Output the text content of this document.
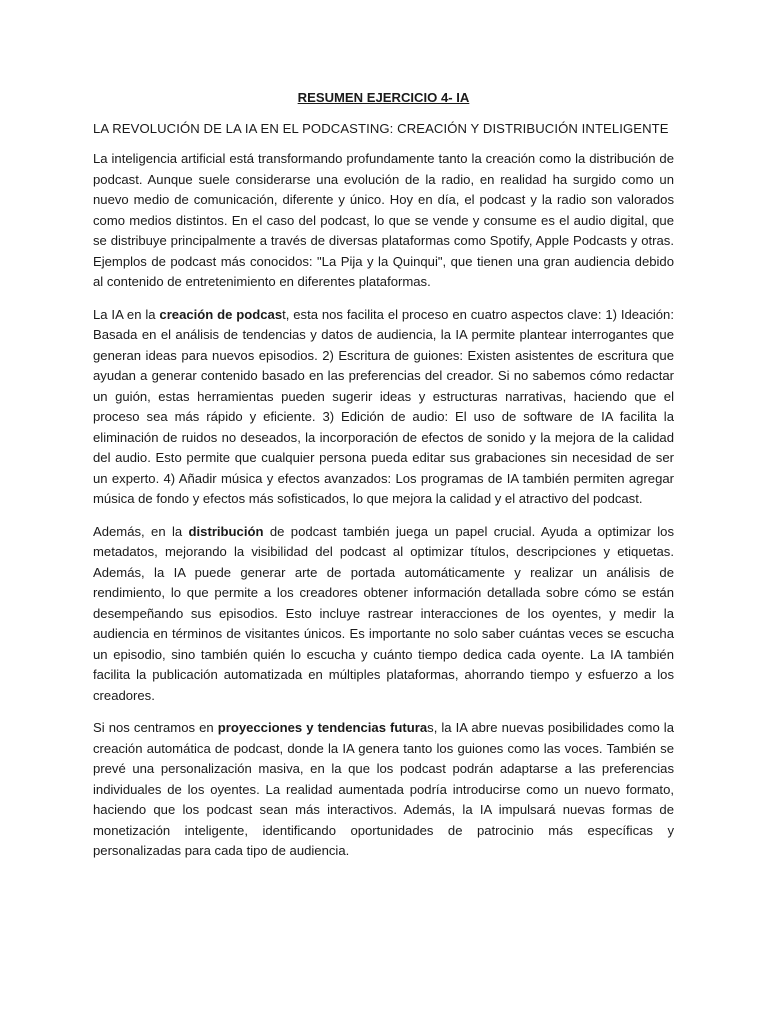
RESUMEN EJERCICIO 4- IA

LA REVOLUCIÓN DE LA IA EN EL PODCASTING: CREACIÓN Y DISTRIBUCIÓN INTELIGENTE

La inteligencia artificial está transformando profundamente tanto la creación como la distribución de podcast. Aunque suele considerarse una evolución de la radio, en realidad ha surgido como un nuevo medio de comunicación, diferente y único. Hoy en día, el podcast y la radio son valorados como medios distintos. En el caso del podcast, lo que se vende y consume es el audio digital, que se distribuye principalmente a través de diversas plataformas como Spotify, Apple Podcasts y otras. Ejemplos de podcast más conocidos: "La Pija y la Quinqui", que tienen una gran audiencia debido al contenido de entretenimiento en diferentes plataformas.

La IA en la creación de podcast, esta nos facilita el proceso en cuatro aspectos clave: 1) Ideación: Basada en el análisis de tendencias y datos de audiencia, la IA permite plantear interrogantes que generan ideas para nuevos episodios. 2) Escritura de guiones: Existen asistentes de escritura que ayudan a generar contenido basado en las preferencias del creador. Si no sabemos cómo redactar un guión, estas herramientas pueden sugerir ideas y estructuras narrativas, haciendo que el proceso sea más rápido y eficiente. 3) Edición de audio: El uso de software de IA facilita la eliminación de ruidos no deseados, la incorporación de efectos de sonido y la mejora de la calidad del audio. Esto permite que cualquier persona pueda editar sus grabaciones sin necesidad de ser un experto. 4) Añadir música y efectos avanzados: Los programas de IA también permiten agregar música de fondo y efectos más sofisticados, lo que mejora la calidad y el atractivo del podcast.

Además, en la distribución de podcast también juega un papel crucial. Ayuda a optimizar los metadatos, mejorando la visibilidad del podcast al optimizar títulos, descripciones y etiquetas. Además, la IA puede generar arte de portada automáticamente y realizar un análisis de rendimiento, lo que permite a los creadores obtener información detallada sobre cómo se están desempeñando sus episodios. Esto incluye rastrear interacciones de los oyentes, y medir la audiencia en términos de visitantes únicos. Es importante no solo saber cuántas veces se escucha un episodio, sino también quién lo escucha y cuánto tiempo dedica cada oyente. La IA también facilita la publicación automatizada en múltiples plataformas, ahorrando tiempo y esfuerzo a los creadores.

Si nos centramos en proyecciones y tendencias futuras, la IA abre nuevas posibilidades como la creación automática de podcast, donde la IA genera tanto los guiones como las voces. También se prevé una personalización masiva, en la que los podcast podrán adaptarse a las preferencias individuales de los oyentes. La realidad aumentada podría introducirse como un nuevo formato, haciendo que los podcast sean más interactivos. Además, la IA impulsará nuevas formas de monetización inteligente, identificando oportunidades de patrocinio más específicas y personalizadas para cada tipo de audiencia.
